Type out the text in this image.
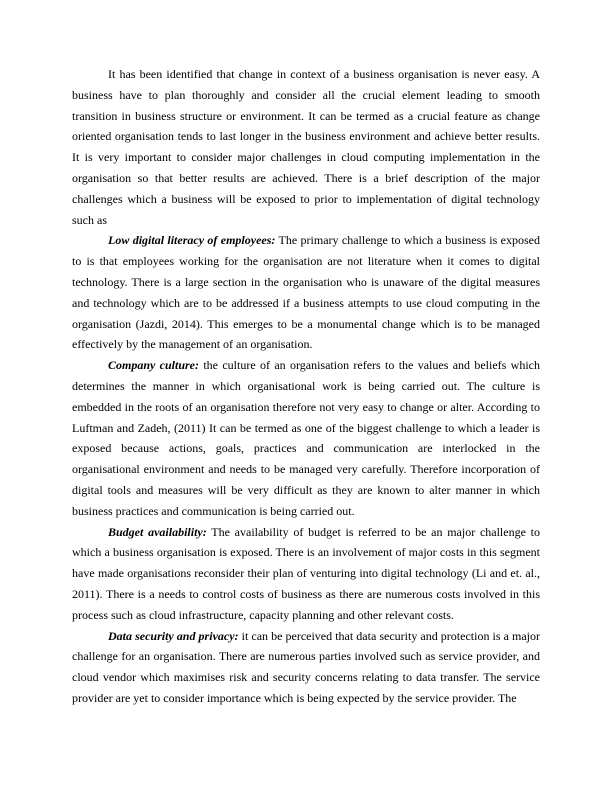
It has been identified that change in context of a business organisation is never easy. A business have to plan thoroughly and consider all the crucial element leading to smooth transition in business structure or environment. It can be termed as a crucial feature as change oriented organisation tends to last longer in the business environment and achieve better results. It is very important to consider major challenges in cloud computing implementation in the organisation so that better results are achieved. There is a brief description of the major challenges which a business will be exposed to prior to implementation of digital technology such as

Low digital literacy of employees: The primary challenge to which a business is exposed to is that employees working for the organisation are not literature when it comes to digital technology. There is a large section in the organisation who is unaware of the digital measures and technology which are to be addressed if a business attempts to use cloud computing in the organisation (Jazdi, 2014). This emerges to be a monumental change which is to be managed effectively by the management of an organisation.

Company culture: the culture of an organisation refers to the values and beliefs which determines the manner in which organisational work is being carried out. The culture is embedded in the roots of an organisation therefore not very easy to change or alter. According to Luftman and Zadeh, (2011) It can be termed as one of the biggest challenge to which a leader is exposed because actions, goals, practices and communication are interlocked in the organisational environment and needs to be managed very carefully. Therefore incorporation of digital tools and measures will be very difficult as they are known to alter manner in which business practices and communication is being carried out.

Budget availability: The availability of budget is referred to be an major challenge to which a business organisation is exposed. There is an involvement of major costs in this segment have made organisations reconsider their plan of venturing into digital technology (Li and et. al., 2011). There is a needs to control costs of business as there are numerous costs involved in this process such as cloud infrastructure, capacity planning and other relevant costs.

Data security and privacy: it can be perceived that data security and protection is a major challenge for an organisation. There are numerous parties involved such as service provider, and cloud vendor which maximises risk and security concerns relating to data transfer. The service provider are yet to consider importance which is being expected by the service provider. The
